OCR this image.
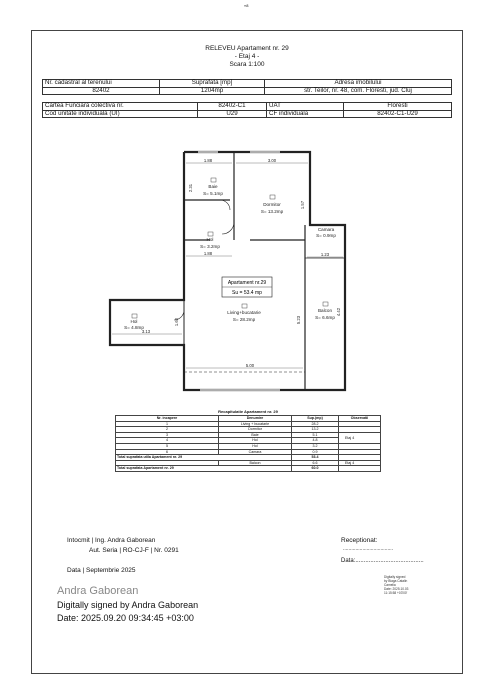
«8
RELEVEU Apartament nr. 29
- Etaj 4 -
Scara 1:100
Nr. cadastral al terenului	Suprafata [mp]	Adresa imobilului
82402	1204mp	str. Teilor, nr. 48, com. Floresti, jud. Cluj
Cartea Funciara colectiva nr.	82402-C1	UAT	Floresti
Cod unitate individuala (UI)	U29	CF individuala	82402-C1-U29
1.88	3.00
1.88	1.23
3.13
5.00
2.31
1.60	5.23
4.42
1.57
Baie
S= 5.1mp
Dormitor
S= 13.2mp
Hol
S= 3.2mp
Camara
S= 0.9mp
Hol
S= 4.8mp
Living+bucatarie
S= 28.2mp
Balcon
S= 6.6mp
Apartament nr.29
Su = 53.4 mp
Recapitulatie Apartament nr. 29
Nr. incapere	Denumire	Sup.(mp)	Observatii
1	Living + bucatarie	28.2	
2	Dormitor	13.2	
3	Baie	5.1	Etaj 4
4	Hol	4.8	
5	Hol	3.2	
6	Camara	0.9	
Total suprafata utila Apartament nr. 29		53.4	
	Balcon	6.6	Etaj 4
Total suprafata Apartament nr. 29		60.0	
Intocmit | Ing. Andra Gaborean
Aut. Seria | RO-CJ-F | Nr. 0291
Data | Septembrie 2025
Andra Gaborean
Digitally signed by Andra Gaborean
Date: 2025.09.20 09:34:45 +03:00
Receptionat:
....................................
Data:.........................................
Digitally signed
by Biaga Catalin
Camelia
Date: 2025.10.03
11:15:58 +03'00'
